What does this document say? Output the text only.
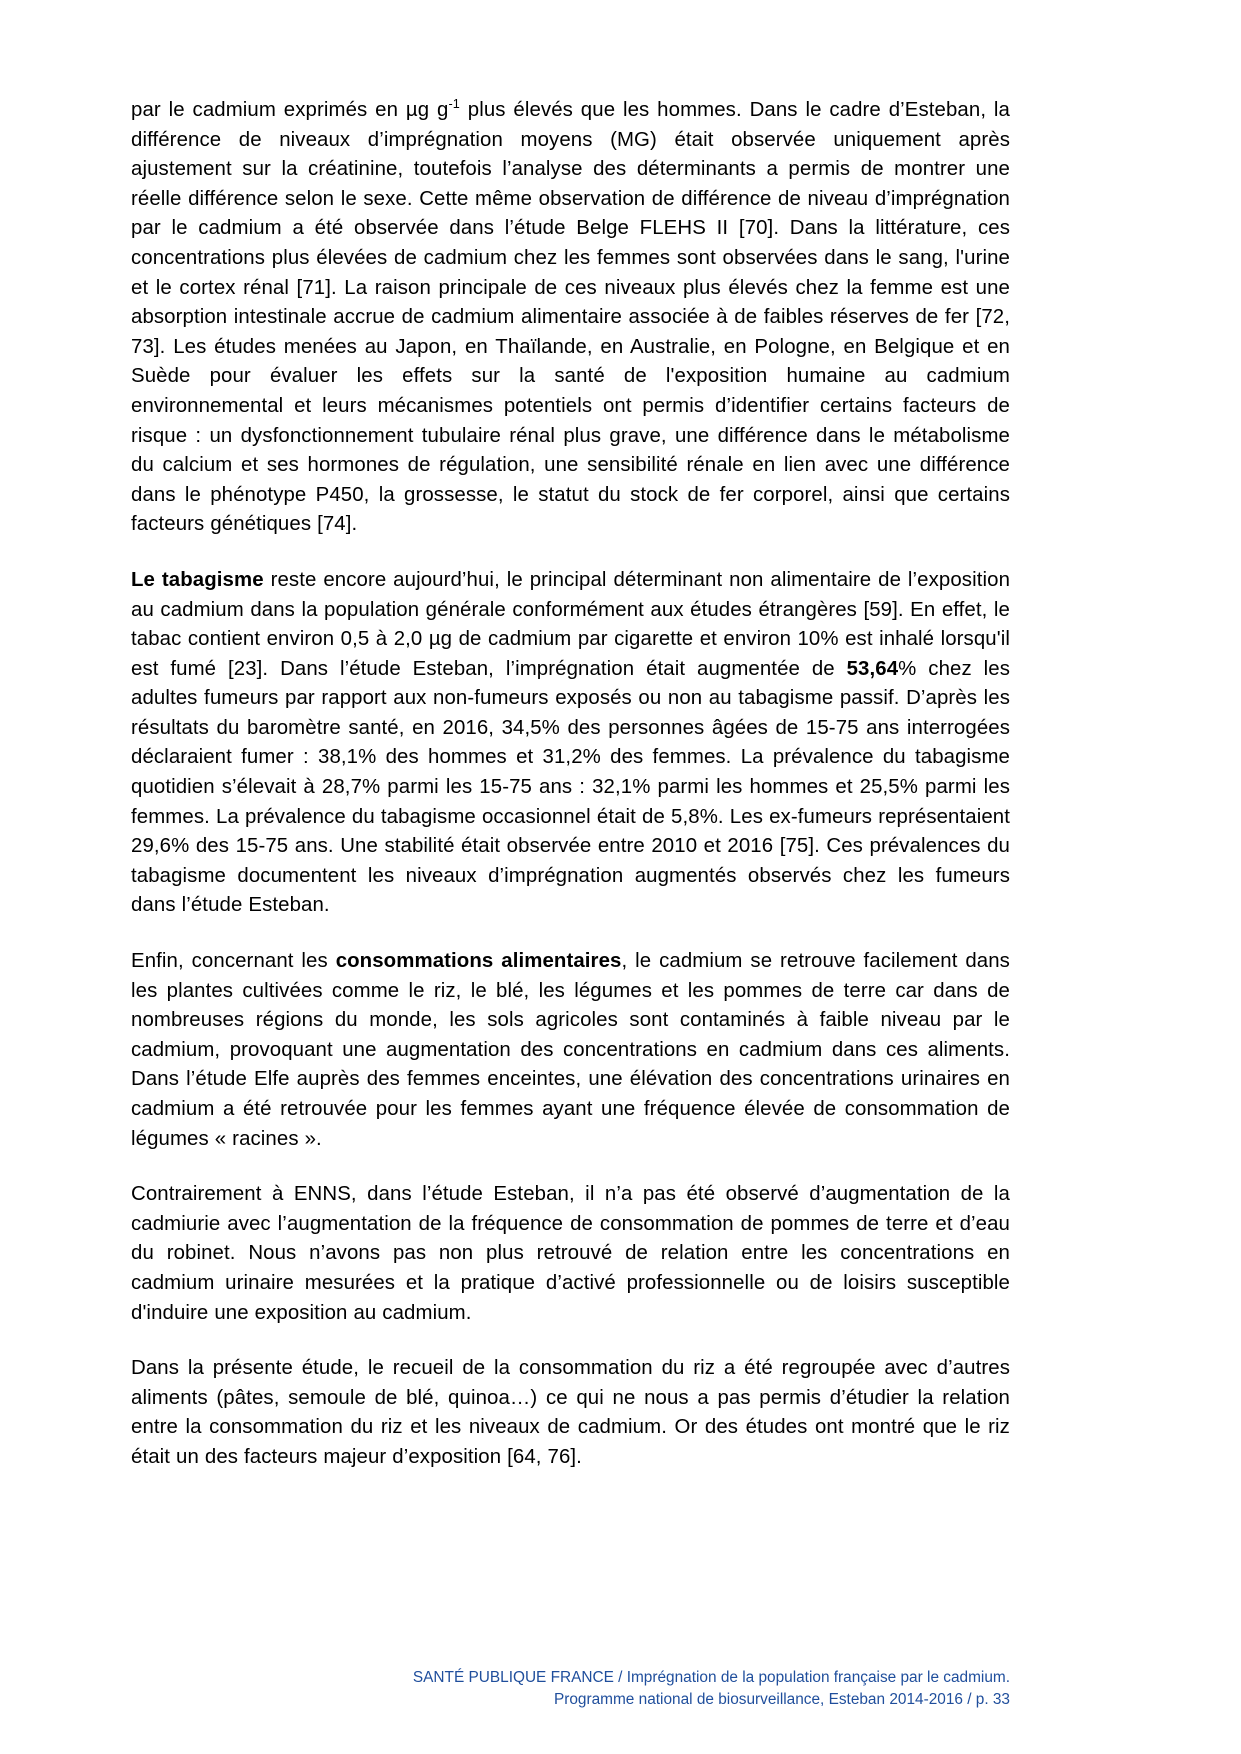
par le cadmium exprimés en µg $g^{-1}$ plus élevés que les hommes. Dans le cadre d’Esteban, la différence de niveaux d’imprégnation moyens (MG) était observée uniquement après ajustement sur la créatinine, toutefois l’analyse des déterminants a permis de montrer une réelle différence selon le sexe. Cette même observation de différence de niveau d’imprégnation par le cadmium a été observée dans l’étude Belge FLEHS II [70]. Dans la littérature, ces concentrations plus élevées de cadmium chez les femmes sont observées dans le sang, l'urine et le cortex rénal [71]. La raison principale de ces niveaux plus élevés chez la femme est une absorption intestinale accrue de cadmium alimentaire associée à de faibles réserves de fer [72, 73]. Les études menées au Japon, en Thaïlande, en Australie, en Pologne, en Belgique et en Suède pour évaluer les effets sur la santé de l'exposition humaine au cadmium environnemental et leurs mécanismes potentiels ont permis d’identifier certains facteurs de risque : un dysfonctionnement tubulaire rénal plus grave, une différence dans le métabolisme du calcium et ses hormones de régulation, une sensibilité rénale en lien avec une différence dans le phénotype P450, la grossesse, le statut du stock de fer corporel, ainsi que certains facteurs génétiques [74].

Le tabagisme reste encore aujourd’hui, le principal déterminant non alimentaire de l’exposition au cadmium dans la population générale conformément aux études étrangères [59]. En effet, le tabac contient environ 0,5 à 2,0 µg de cadmium par cigarette et environ 10% est inhalé lorsqu'il est fumé [23]. Dans l’étude Esteban, l’imprégnation était augmentée de 53,64% chez les adultes fumeurs par rapport aux non-fumeurs exposés ou non au tabagisme passif. D’après les résultats du baromètre santé, en 2016, 34,5% des personnes âgées de 15-75 ans interrogées déclaraient fumer : 38,1% des hommes et 31,2% des femmes. La prévalence du tabagisme quotidien s’élevait à 28,7% parmi les 15-75 ans : 32,1% parmi les hommes et 25,5% parmi les femmes. La prévalence du tabagisme occasionnel était de 5,8%. Les ex-fumeurs représentaient 29,6% des 15-75 ans. Une stabilité était observée entre 2010 et 2016 [75]. Ces prévalences du tabagisme documentent les niveaux d’imprégnation augmentés observés chez les fumeurs dans l’étude Esteban.

Enfin, concernant les consommations alimentaires, le cadmium se retrouve facilement dans les plantes cultivées comme le riz, le blé, les légumes et les pommes de terre car dans de nombreuses régions du monde, les sols agricoles sont contaminés à faible niveau par le cadmium, provoquant une augmentation des concentrations en cadmium dans ces aliments. Dans l’étude Elfe auprès des femmes enceintes, une élévation des concentrations urinaires en cadmium a été retrouvée pour les femmes ayant une fréquence élevée de consommation de légumes « racines ».

Contrairement à ENNS, dans l’étude Esteban, il n’a pas été observé d’augmentation de la cadmiurie avec l’augmentation de la fréquence de consommation de pommes de terre et d’eau du robinet. Nous n’avons pas non plus retrouvé de relation entre les concentrations en cadmium urinaire mesurées et la pratique d’activé professionnelle ou de loisirs susceptible d'induire une exposition au cadmium.

Dans la présente étude, le recueil de la consommation du riz a été regroupée avec d’autres aliments (pâtes, semoule de blé, quinoa…) ce qui ne nous a pas permis d’étudier la relation entre la consommation du riz et les niveaux de cadmium. Or des études ont montré que le riz était un des facteurs majeur d’exposition [64, 76].

SANTÉ PUBLIQUE FRANCE / Imprégnation de la population française par le cadmium.
Programme national de biosurveillance, Esteban 2014-2016 / p. 33
